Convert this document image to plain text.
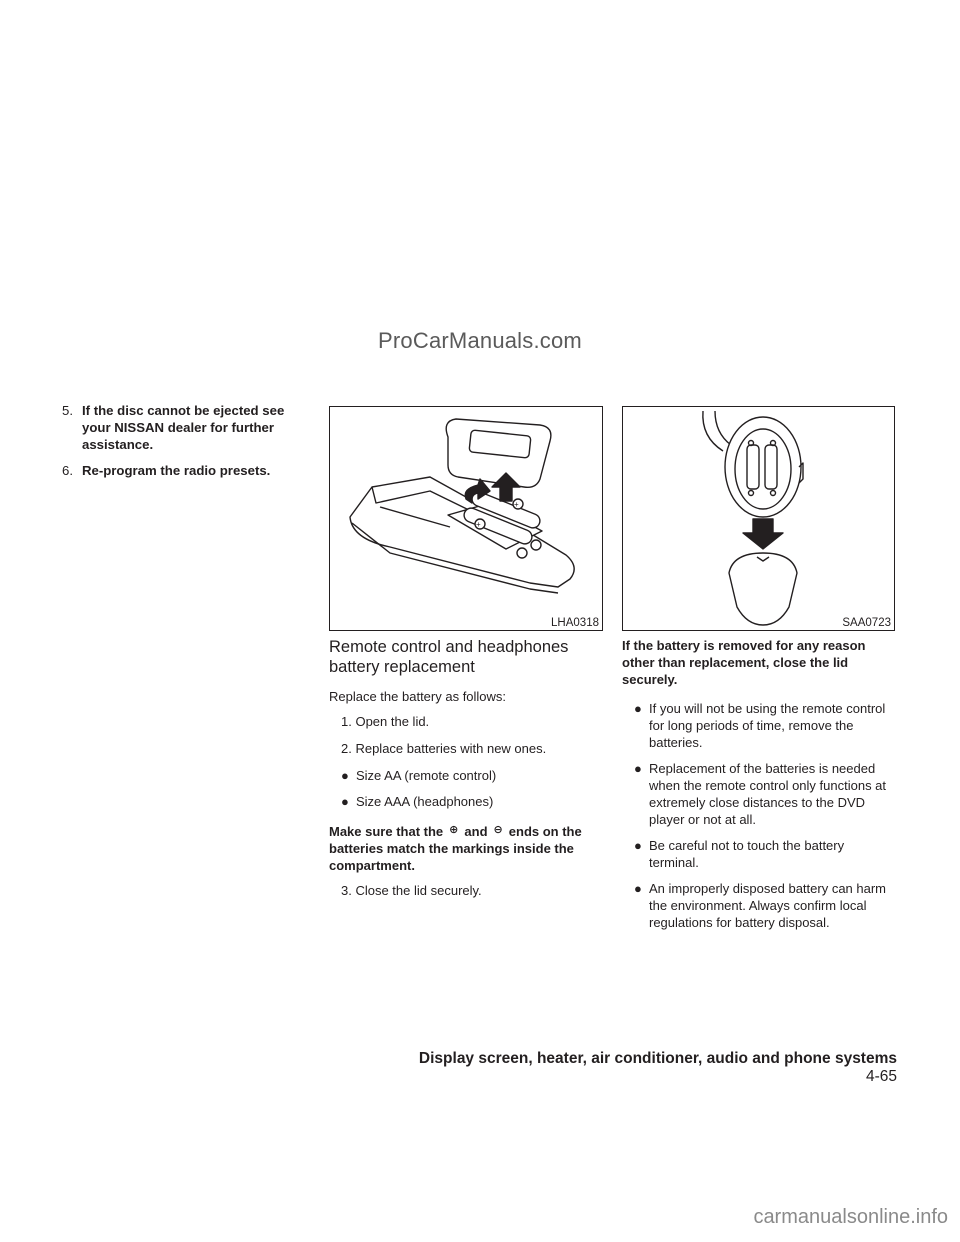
ProCarManuals.com
5. If the disc cannot be ejected see your NISSAN dealer for further assistance.
6. Re-program the radio presets.
+
+
LHA0318	SAA0723
Remote control and headphones battery replacement
Replace the battery as follows:
1. Open the lid.
2. Replace batteries with new ones.
● Size AA (remote control)
● Size AAA (headphones)
Make sure that the ⊕ and ⊖ ends on the batteries match the markings inside the compartment.
3. Close the lid securely.
If the battery is removed for any reason other than replacement, close the lid securely.
● If you will not be using the remote control for long periods of time, remove the batteries.
● Replacement of the batteries is needed when the remote control only functions at extremely close distances to the DVD player or not at all.
● Be careful not to touch the battery terminal.
● An improperly disposed battery can harm the environment. Always confirm local regulations for battery disposal.
Display screen, heater, air conditioner, audio and phone systems 4-65
carmanualsonline.info
